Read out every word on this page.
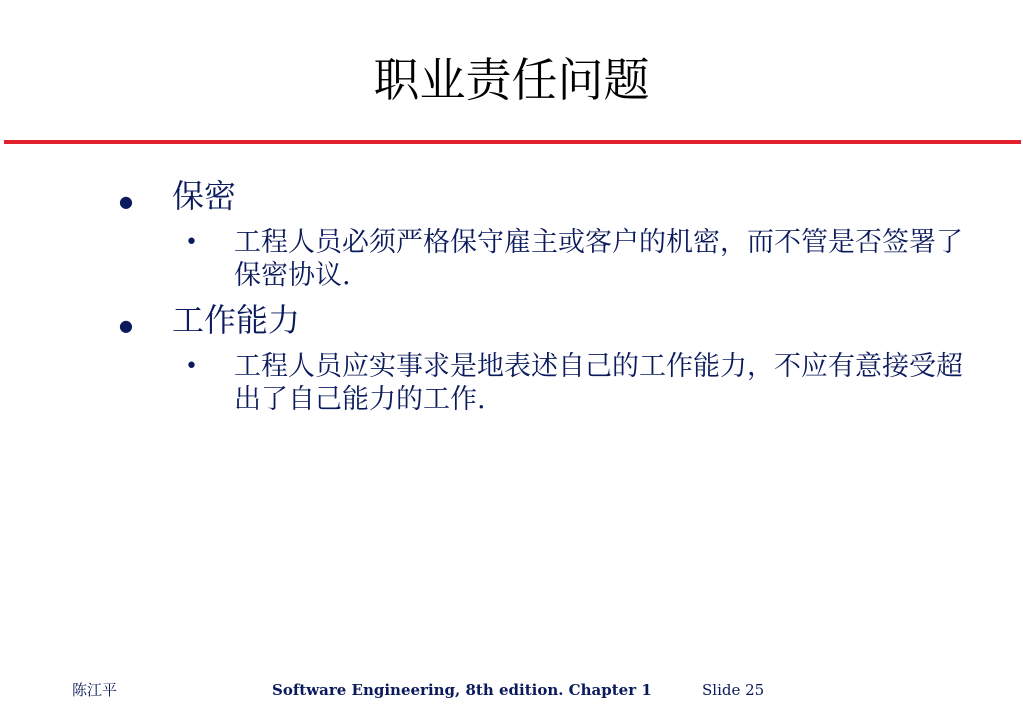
职业责任问题
● 保密
• 工程人员必须严格保守雇主或客户的机密，而不管是否签署了保密协议.
● 工作能力
• 工程人员应实事求是地表述自己的工作能力，不应有意接受超出了自己能力的工作.
陈江平	Software Engineering, 8th edition. Chapter 1	Slide 25
